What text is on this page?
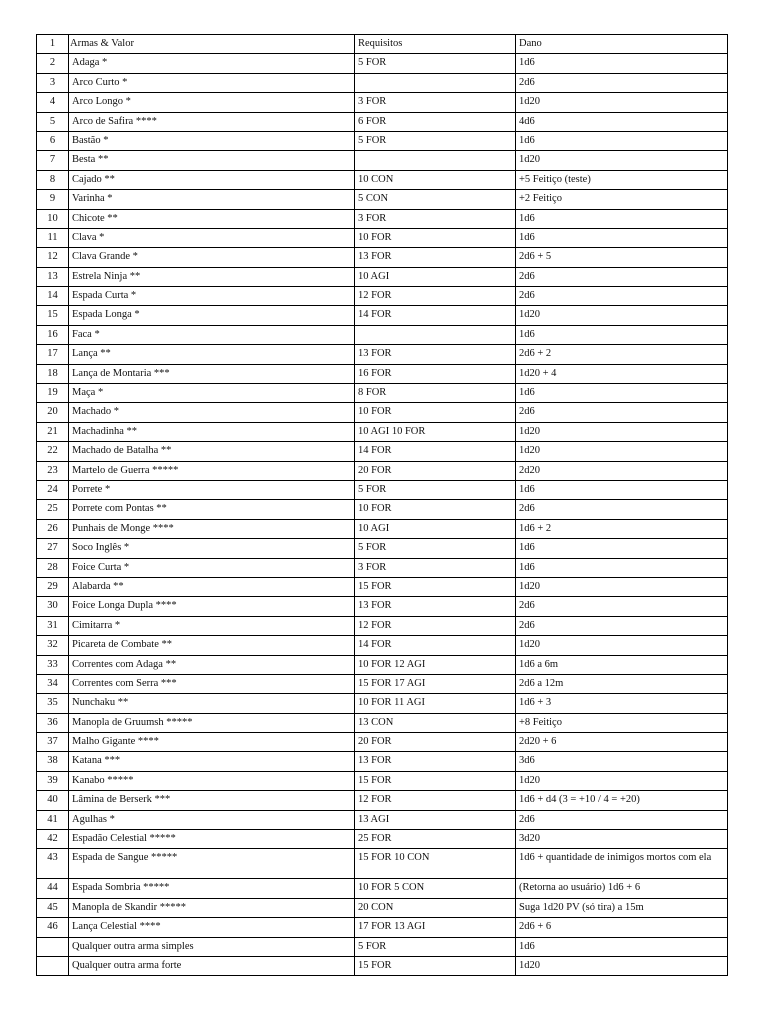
1	Armas & Valor	Requisitos	Dano
2	Adaga *	5 FOR	1d6
3	Arco Curto *		2d6
4	Arco Longo *	3 FOR	1d20
5	Arco de Safira ****	6 FOR	4d6
6	Bastão *	5 FOR	1d6
7	Besta **		1d20
8	Cajado **	10 CON	+5 Feitiço (teste)
9	Varinha *	5 CON	+2 Feitiço
10	Chicote **	3 FOR	1d6
11	Clava *	10 FOR	1d6
12	Clava Grande *	13 FOR	2d6 + 5
13	Estrela Ninja **	10 AGI	2d6
14	Espada Curta *	12 FOR	2d6
15	Espada Longa *	14 FOR	1d20
16	Faca *		1d6
17	Lança **	13 FOR	2d6 + 2
18	Lança de Montaria ***	16 FOR	1d20 + 4
19	Maça *	8 FOR	1d6
20	Machado *	10 FOR	2d6
21	Machadinha **	10 AGI 10 FOR	1d20
22	Machado de Batalha **	14 FOR	1d20
23	Martelo de Guerra *****	20 FOR	2d20
24	Porrete *	5 FOR	1d6
25	Porrete com Pontas **	10 FOR	2d6
26	Punhais de Monge ****	10 AGI	1d6 + 2
27	Soco Inglês *	5 FOR	1d6
28	Foice Curta *	3 FOR	1d6
29	Alabarda **	15 FOR	1d20
30	Foice Longa Dupla ****	13 FOR	2d6
31	Cimitarra *	12 FOR	2d6
32	Picareta de Combate **	14 FOR	1d20
33	Correntes com Adaga **	10 FOR 12 AGI	1d6 a 6m
34	Correntes com Serra ***	15 FOR 17 AGI	2d6 a 12m
35	Nunchaku **	10 FOR 11 AGI	1d6 + 3
36	Manopla de Gruumsh *****	13 CON	+8 Feitiço
37	Malho Gigante ****	20 FOR	2d20 + 6
38	Katana ***	13 FOR	3d6
39	Kanabo *****	15 FOR	1d20
40	Lâmina de Berserk ***	12 FOR	1d6 + d4 (3 = +10 / 4 = +20)
41	Agulhas *	13 AGI	2d6
42	Espadão Celestial *****	25 FOR	3d20
43	Espada de Sangue *****	15 FOR 10 CON	1d6 + quantidade de inimigos mortos com ela
44	Espada Sombria *****	10 FOR 5 CON	(Retorna ao usuário) 1d6 + 6
45	Manopla de Skandir *****	20 CON	Suga 1d20 PV (só tira) a 15m
46	Lança Celestial ****	17 FOR 13 AGI	2d6 + 6
	Qualquer outra arma simples	5 FOR	1d6
	Qualquer outra arma forte	15 FOR	1d20
